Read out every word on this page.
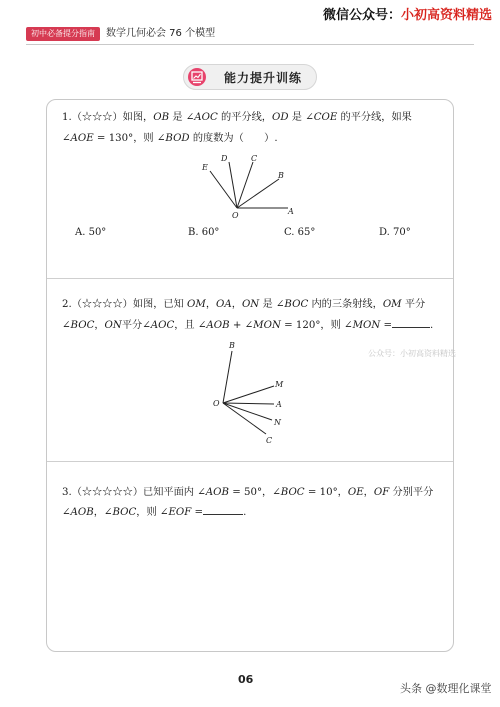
微信公众号：小初高资料精选
初中必备提分指南	数学几何必会 76 个模型
能力提升训练
1.（☆☆☆）如图，OB 是 ∠AOC 的平分线，OD 是 ∠COE 的平分线，如果
∠AOE = 130°，则 ∠BOD 的度数为（　　）.
O	A
B
C
D
E
A. 50°	B. 60°	C. 65°	D. 70°
2.（☆☆☆☆）如图，已知 OM，OA，ON 是 ∠BOC 内的三条射线，OM 平分
∠BOC，ON平分∠AOC，且 ∠AOB + ∠MON = 120°，则 ∠MON =	.
公众号：小初高资料精选
O
B
M
A
N
C
3.（☆☆☆☆☆）已知平面内 ∠AOB = 50°，∠BOC = 10°，OE，OF 分别平分
∠AOB，∠BOC，则 ∠EOF =	.
06
头条 @数理化课堂
